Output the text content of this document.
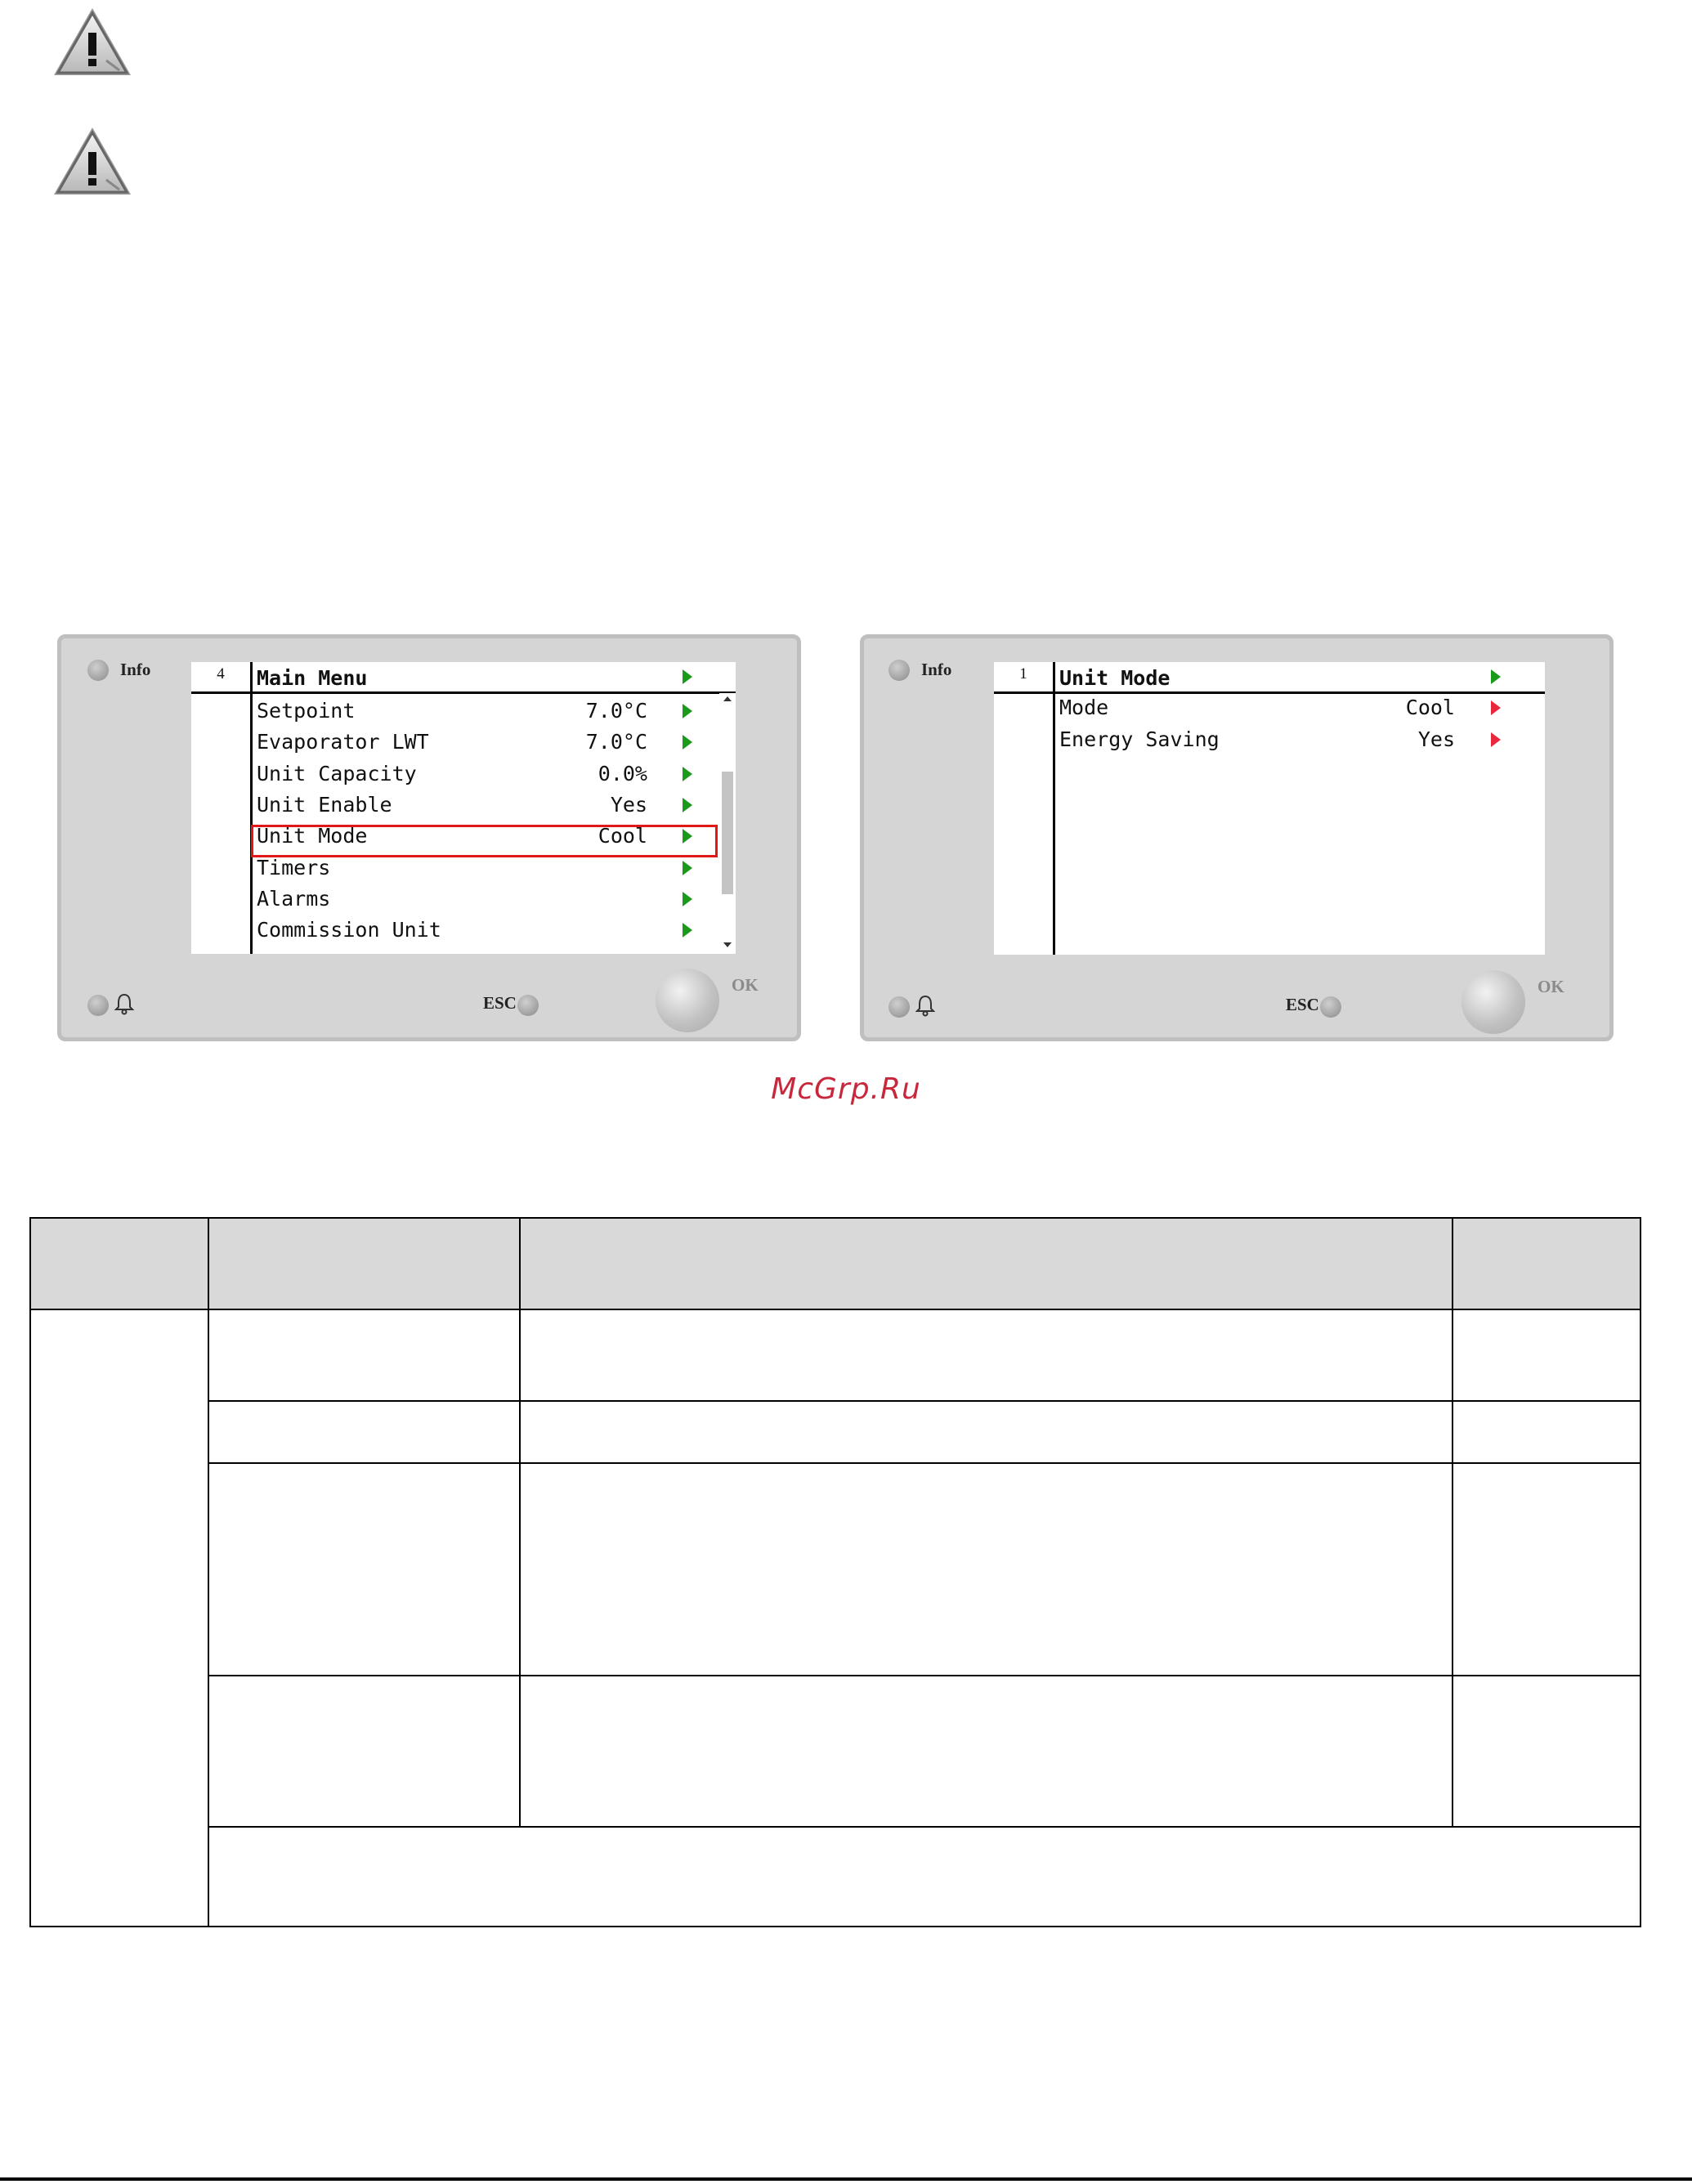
Info	4	Main Menu
Setpoint	7.0°C
Evaporator LWT	7.0°C
Unit Capacity	0.0%
Unit Enable	Yes
Unit Mode	Cool
Timers
Alarms
Commission Unit
ESC
OK
Info	1	Unit Mode
Mode	Cool
Energy Saving	Yes
ESC
OK
McGrp.Ru
